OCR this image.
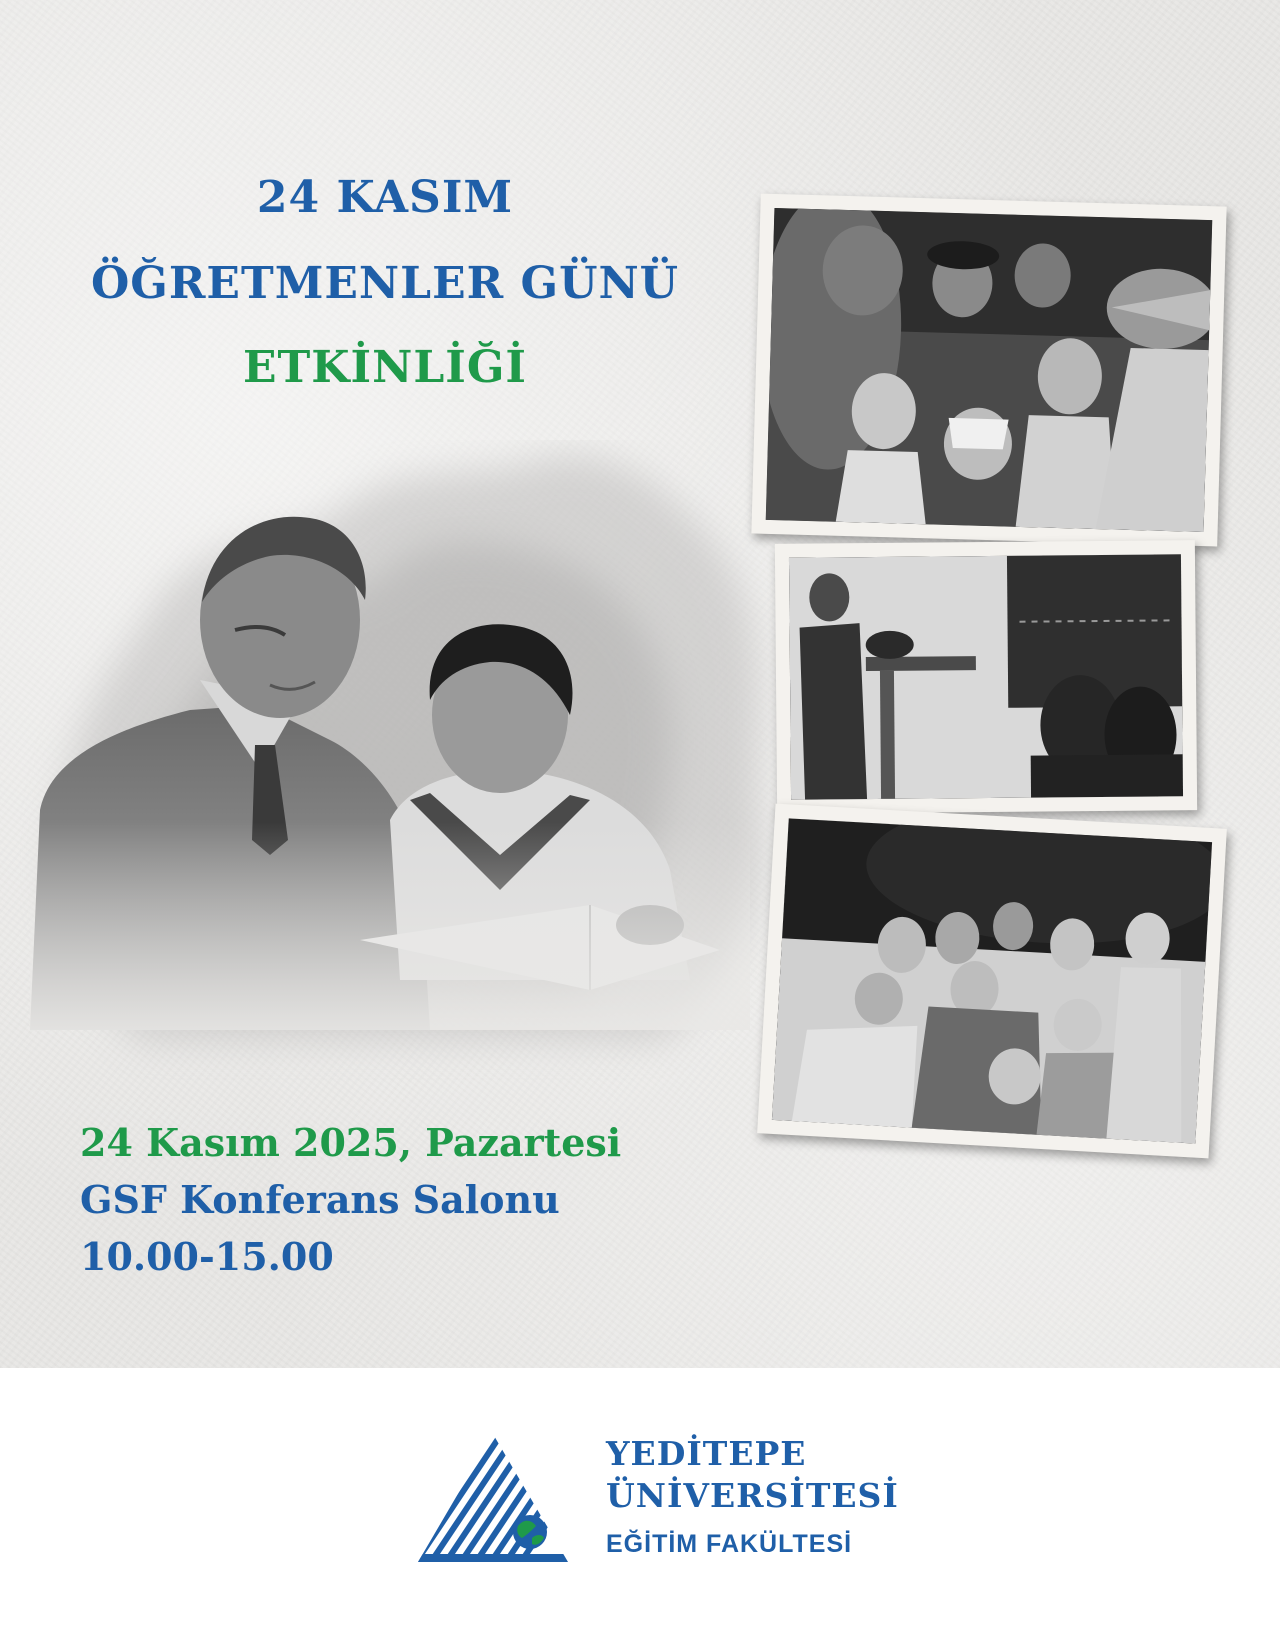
24 KASIM
ÖĞRETMENLER GÜNÜ
ETKİNLİĞİ

24 Kasım 2025, Pazartesi

GSF Konferans Salonu

10.00-15.00

YEDİTEPE

ÜNİVERSİTESİ

EĞİTİM FAKÜLTESİ
